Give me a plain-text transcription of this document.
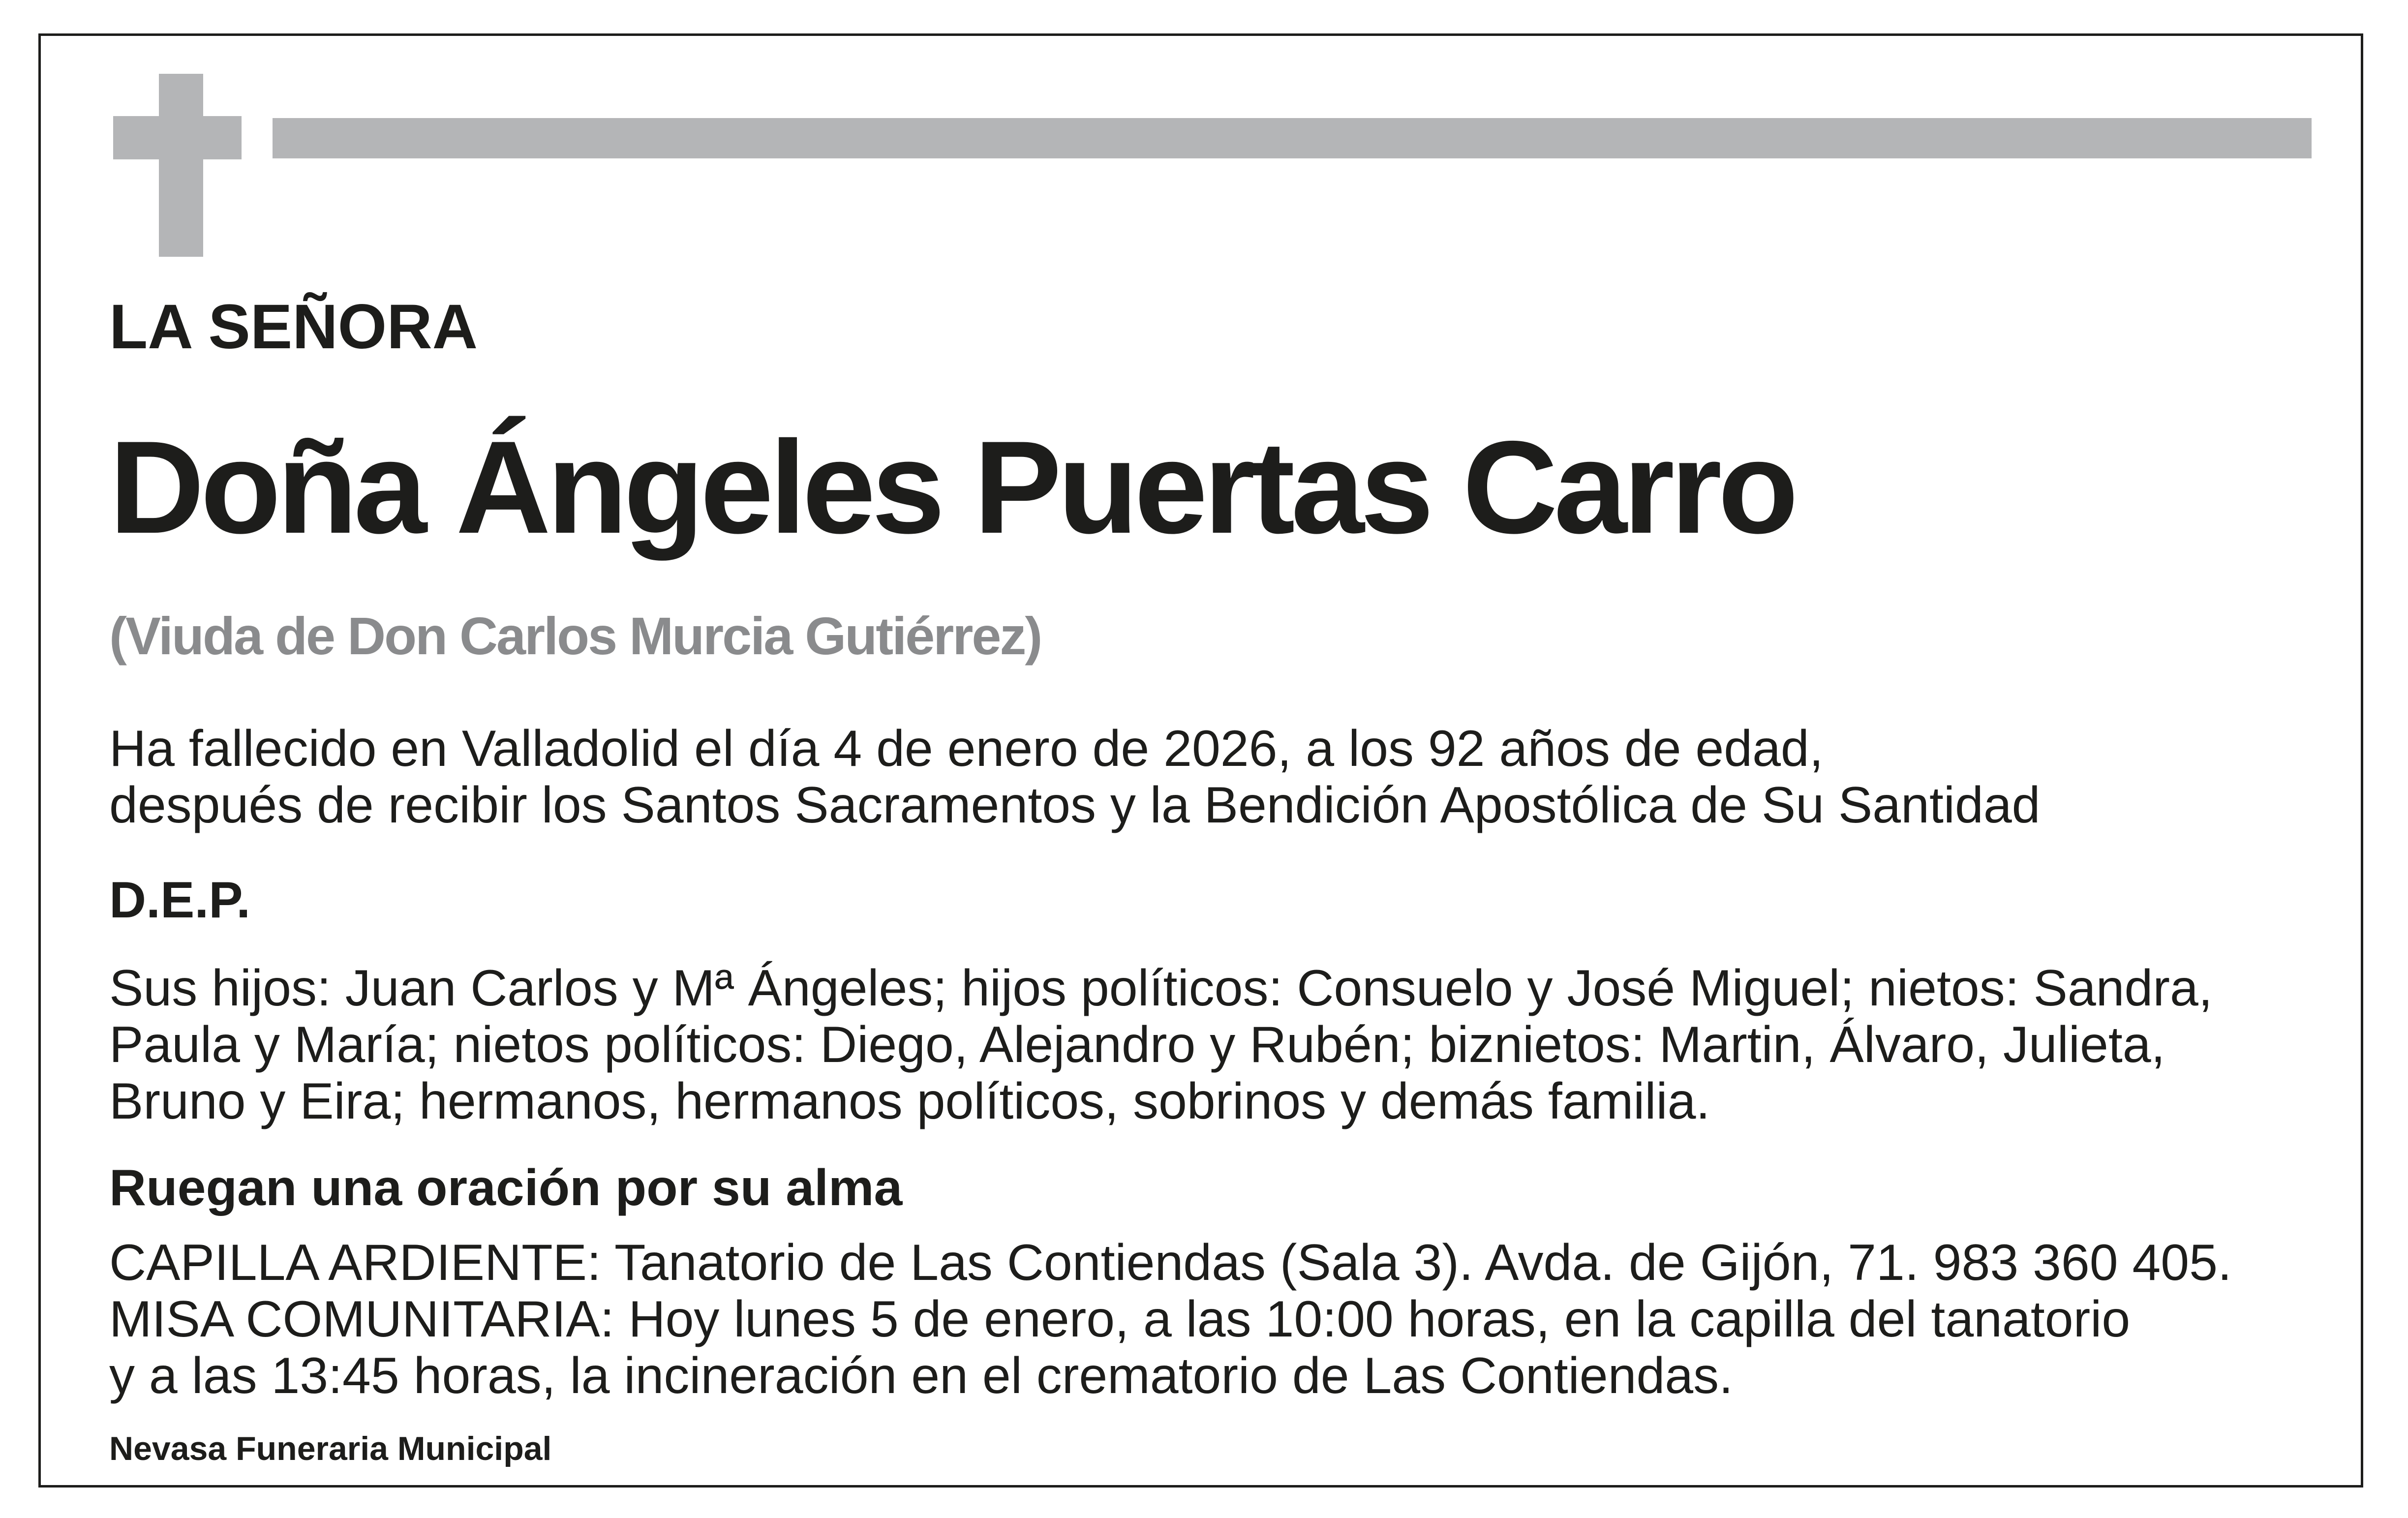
LA SEÑORA

Doña Ángeles Puertas Carro

(Viuda de Don Carlos Murcia Gutiérrez)

Ha fallecido en Valladolid el día 4 de enero de 2026, a los 92 años de edad,
después de recibir los Santos Sacramentos y la Bendición Apostólica de Su Santidad

D.E.P.

Sus hijos: Juan Carlos y Mª Ángeles; hijos políticos: Consuelo y José Miguel; nietos: Sandra,
Paula y María; nietos políticos: Diego, Alejandro y Rubén; biznietos: Martin, Álvaro, Julieta,
Bruno y Eira; hermanos, hermanos políticos, sobrinos y demás familia.

Ruegan una oración por su alma

CAPILLA ARDIENTE: Tanatorio de Las Contiendas (Sala 3). Avda. de Gijón, 71. 983 360 405.
MISA COMUNITARIA: Hoy lunes 5 de enero, a las 10:00 horas, en la capilla del tanatorio
y a las 13:45 horas, la incineración en el crematorio de Las Contiendas.

Nevasa Funeraria Municipal
